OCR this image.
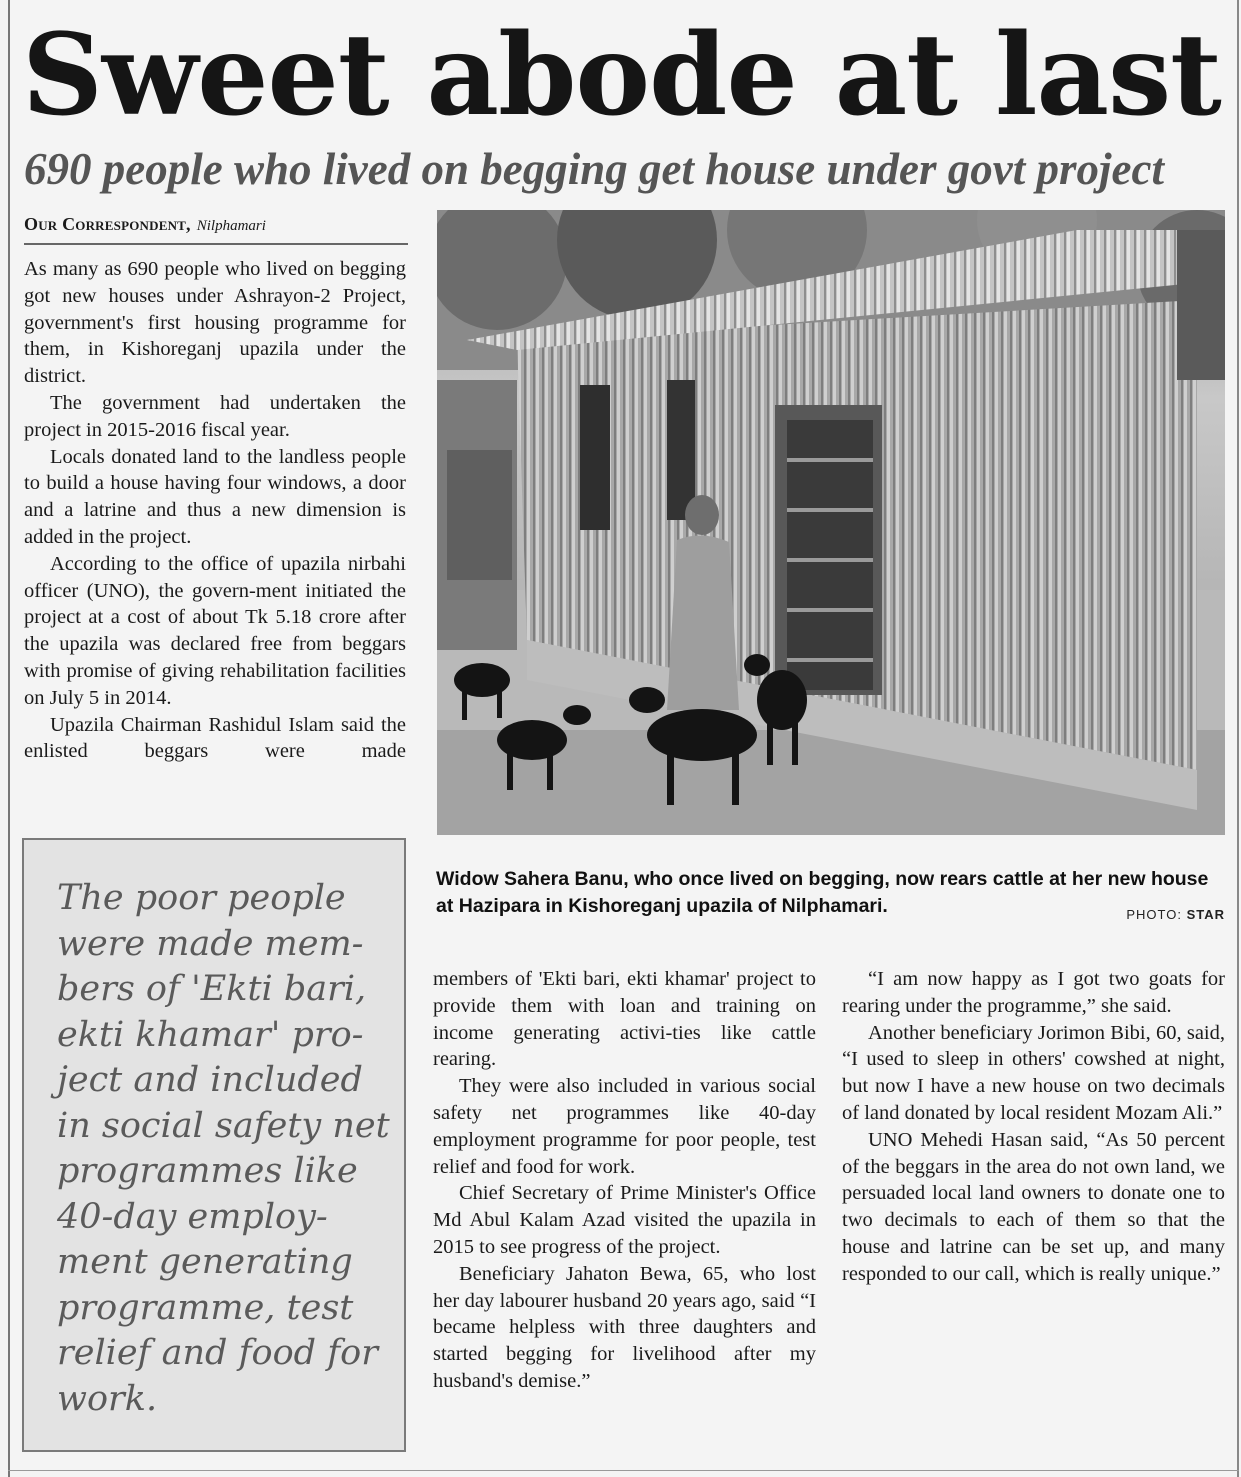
Sweet abode at last
690 people who lived on begging get house under govt project
Our Correspondent, Nilphamari

As many as 690 people who lived on begging got new houses under Ashrayon-2 Project, government's first housing programme for them, in Kishoreganj upazila under the district.

The government had undertaken the project in 2015-2016 fiscal year.

Locals donated land to the landless people to build a house having four windows, a door and a latrine and thus a new dimension is added in the project.

According to the office of upazila nirbahi officer (UNO), the govern-ment initiated the project at a cost of about Tk 5.18 crore after the upazila was declared free from beggars with promise of giving rehabilitation facilities on July 5 in 2014.

Upazila Chairman Rashidul Islam said the enlisted beggars were made

Widow Sahera Banu, who once lived on begging, now rears cattle at her new house at Hazipara in Kishoreganj upazila of Nilphamari.	PHOTO: STAR
The poor people
were made mem-
bers of 'Ekti bari,
ekti khamar' pro-
ject and included
in social safety net
programmes like
40-day employ-
ment generating
programme, test
relief and food for
work.

members of 'Ekti bari, ekti khamar' project to provide them with loan and training on income generating activi-ties like cattle rearing.

They were also included in various social safety net programmes like 40-day employment programme for poor people, test relief and food for work.

Chief Secretary of Prime Minister's Office Md Abul Kalam Azad visited the upazila in 2015 to see progress of the project.

Beneficiary Jahaton Bewa, 65, who lost her day labourer husband 20 years ago, said “I became helpless with three daughters and started begging for livelihood after my husband's demise.”

“I am now happy as I got two goats for rearing under the programme,” she said.

Another beneficiary Jorimon Bibi, 60, said, “I used to sleep in others' cowshed at night, but now I have a new house on two decimals of land donated by local resident Mozam Ali.”

UNO Mehedi Hasan said, “As 50 percent of the beggars in the area do not own land, we persuaded local land owners to donate one to two decimals to each of them so that the house and latrine can be set up, and many responded to our call, which is really unique.”
